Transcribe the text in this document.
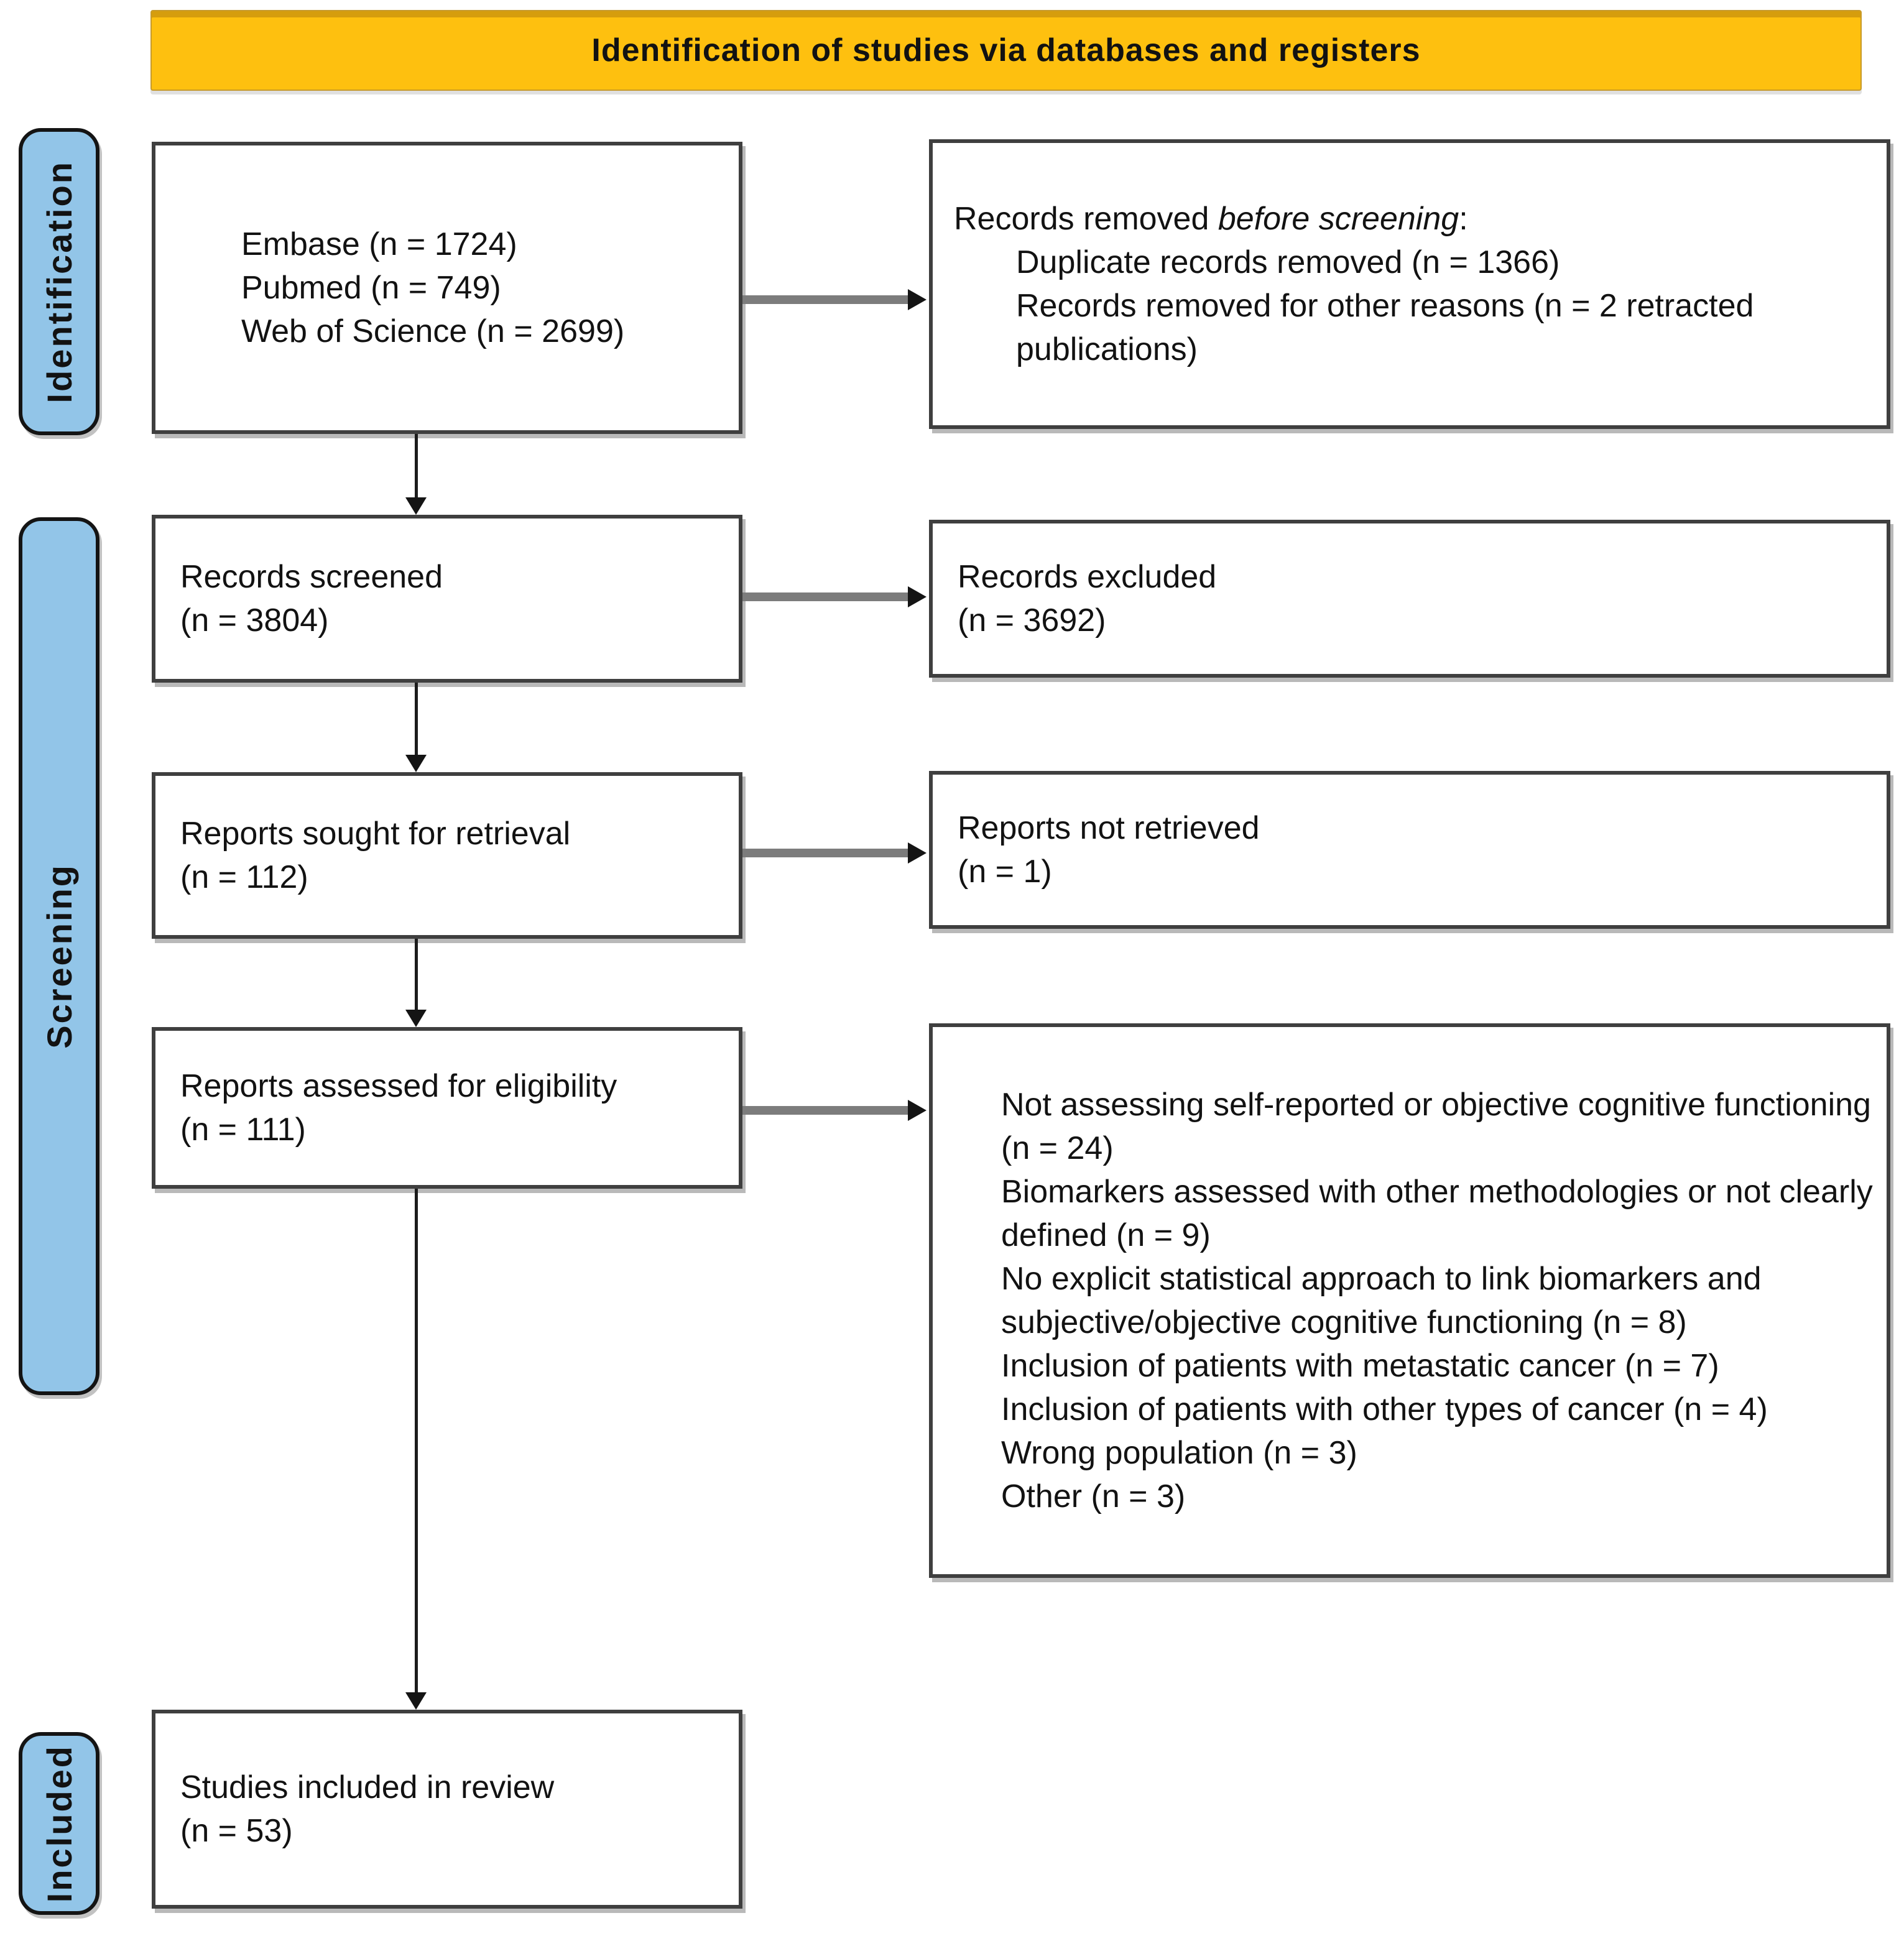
Identification of studies via databases and registers
Identification
Screening
Included
Embase (n = 1724)
Pubmed (n = 749)
Web of Science (n = 2699)
Records screened
(n = 3804)
Reports sought for retrieval
(n = 112)
Reports assessed for eligibility
(n = 111)
Studies included in review
(n = 53)
Records removed before screening:
Duplicate records removed (n = 1366)
Records removed for other reasons (n = 2 retracted publications)
Records excluded
(n = 3692)
Reports not retrieved
(n = 1)
Not assessing self-reported or objective cognitive functioning (n = 24)
Biomarkers assessed with other methodologies or not clearly defined (n = 9)
No explicit statistical approach to link biomarkers and subjective/objective cognitive functioning (n = 8)
Inclusion of patients with metastatic cancer (n = 7)
Inclusion of patients with other types of cancer (n = 4)
Wrong population (n = 3)
Other (n = 3)
